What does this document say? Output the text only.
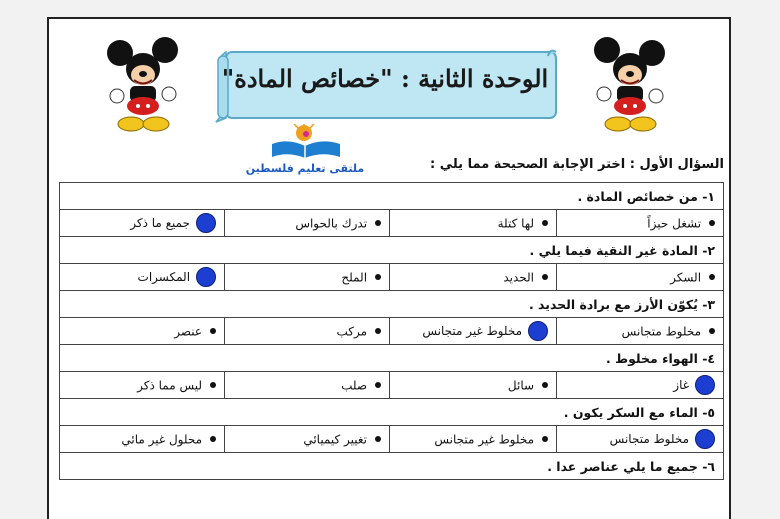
الوحدة الثانية : "خصائص المادة"
ملتقى تعليم فلسطين	السؤال الأول : اختر الإجابة الصحيحة مما يلي :
١- من خصائص المادة .			
تشغل حيزاً	لها كتلة	تدرك بالحواس	جميع ما ذكر
٢- المادة غير النقية فيما يلي .			
السكر	الحديد	الملح	المكسرات
٣- يُكوّن الأرز مع برادة الحديد .			
مخلوط متجانس	مخلوط غير متجانس	مركب	عنصر
٤- الهواء مخلوط .			
غاز	سائل	صلب	ليس مما ذكر
٥- الماء مع السكر يكون .			
مخلوط متجانس	مخلوط غير متجانس	تغيير كيميائي	محلول غير مائي
٦- جميع ما يلي عناصر عدا .			
